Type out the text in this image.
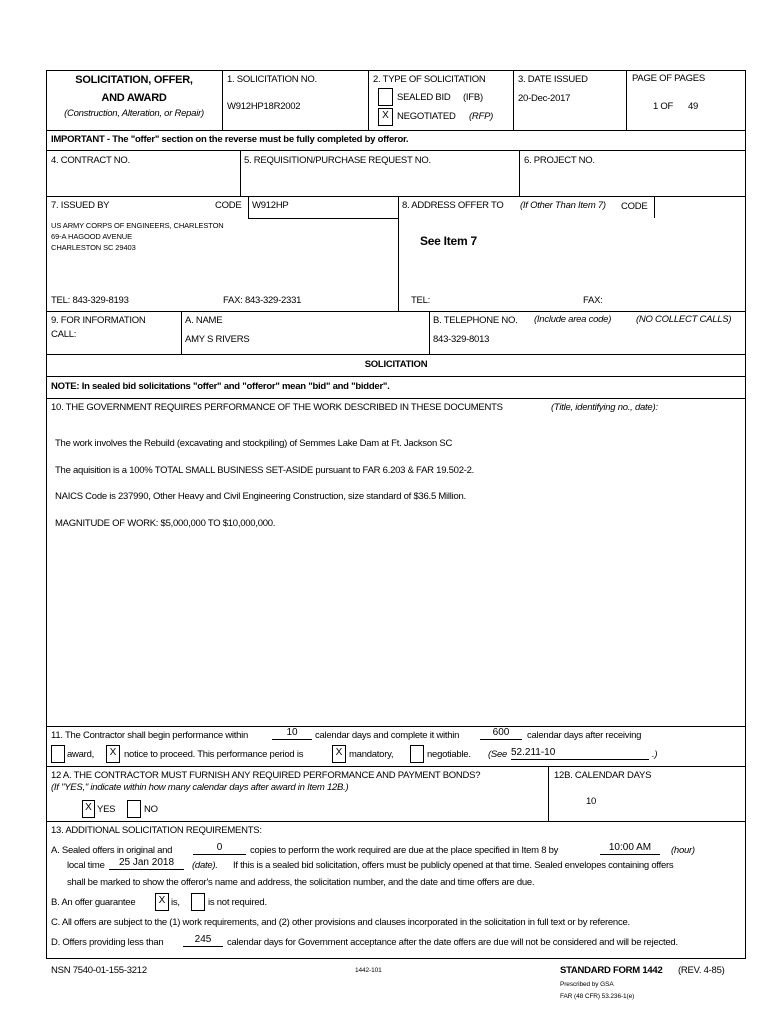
SOLICITATION, OFFER,
AND AWARD
(Construction, Alteration, or Repair)
1. SOLICITATION NO.
W912HP18R2002
2. TYPE OF SOLICITATION
SEALED BID (IFB)
X NEGOTIATED (RFP)
3. DATE ISSUED
20-Dec-2017
PAGE OF PAGES
1 OF 49
IMPORTANT - The "offer" section on the reverse must be fully completed by offeror.
4. CONTRACT NO.	5. REQUISITION/PURCHASE REQUEST NO.	6. PROJECT NO.
7. ISSUED BY	CODE W912HP
US ARMY CORPS OF ENGINEERS, CHARLESTON
69-A HAGOOD AVENUE
CHARLESTON SC 29403
TEL: 843-329-8193	FAX: 843-329-2331
8. ADDRESS OFFER TO (If Other Than Item 7) CODE
See Item 7
TEL:	FAX:
9. FOR INFORMATION
CALL:
A. NAME
AMY S RIVERS
B. TELEPHONE NO. (Include area code)	(NO COLLECT CALLS)
843-329-8013
SOLICITATION
NOTE: In sealed bid solicitations "offer" and "offeror" mean "bid" and "bidder".
10. THE GOVERNMENT REQUIRES PERFORMANCE OF THE WORK DESCRIBED IN THESE DOCUMENTS	(Title, identifying no., date):
The work involves the Rebuild (excavating and stockpiling) of Semmes Lake Dam at Ft. Jackson SC
The aquisition is a 100% TOTAL SMALL BUSINESS SET-ASIDE pursuant to FAR 6.203 & FAR 19.502-2.
NAICS Code is 237990, Other Heavy and Civil Engineering Construction, size standard of $36.5 Million.
MAGNITUDE OF WORK: $5,000,000 TO $10,000,000.
11. The Contractor shall begin performance within	10	calendar days and complete it within	600	calendar days after receiving
award,	X notice to proceed. This performance period is	X mandatory,	negotiable. (See 52.211-10	.)
12 A. THE CONTRACTOR MUST FURNISH ANY REQUIRED PERFORMANCE AND PAYMENT BONDS?
(If "YES," indicate within how many calendar days after award in Item 12B.)
X YES	NO
12B. CALENDAR DAYS
10
13. ADDITIONAL SOLICITATION REQUIREMENTS:
A. Sealed offers in original and	0	copies to perform the work required are due at the place specified in Item 8 by	10:00 AM	(hour)
local time	25 Jan 2018	(date). If this is a sealed bid solicitation, offers must be publicly opened at that time. Sealed envelopes containing offers
shall be marked to show the offeror's name and address, the solicitation number, and the date and time offers are due.
B. An offer guarantee	X is,	is not required.
C. All offers are subject to the (1) work requirements, and (2) other provisions and clauses incorporated in the solicitation in full text or by reference.
D. Offers providing less than	245	calendar days for Government acceptance after the date offers are due will not be considered and will be rejected.
NSN 7540-01-155-3212	1442-101	STANDARD FORM 1442 (REV. 4-85)
Prescribed by GSA
FAR (48 CFR) 53.236-1(e)
